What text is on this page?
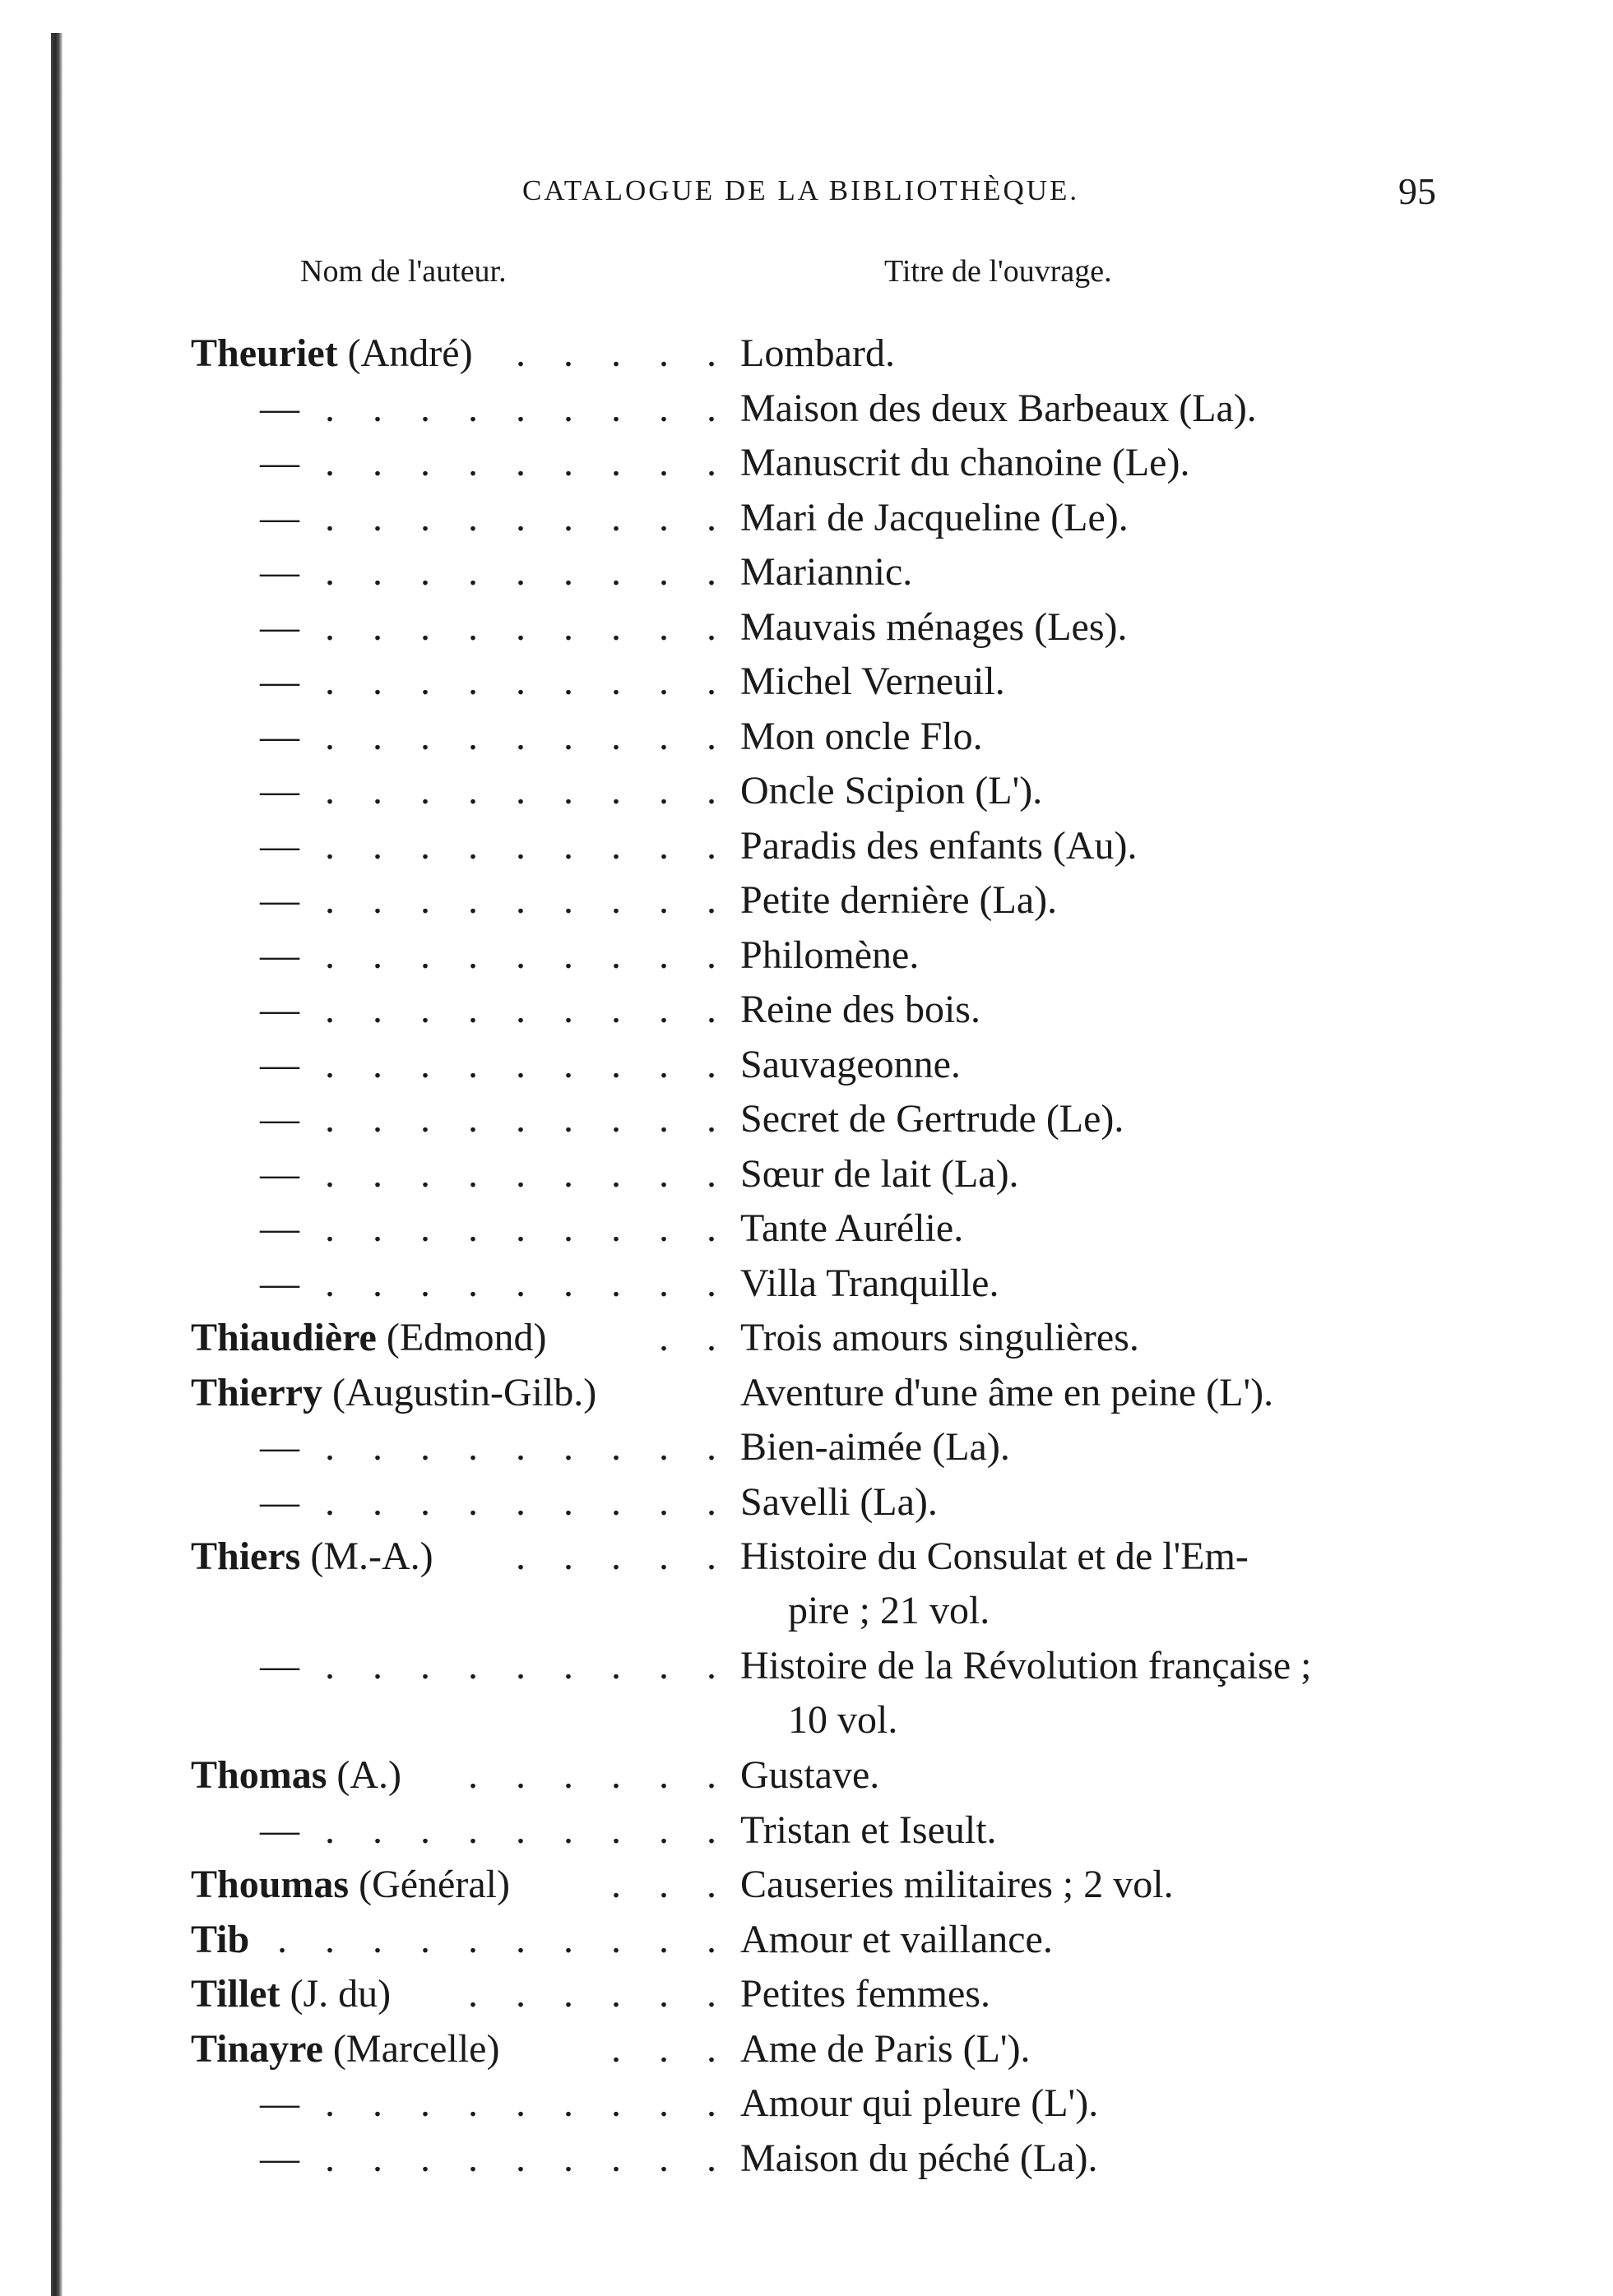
CATALOGUE DE LA BIBLIOTHÈQUE.	95
Nom de l'auteur.	Titre de l'ouvrage.
Theuriet (André) . . . . . Lombard.
— . . . . . . . . . Maison des deux Barbeaux (La).
— . . . . . . . . . Manuscrit du chanoine (Le).
— . . . . . . . . . Mari de Jacqueline (Le).
— . . . . . . . . . Mariannic.
— . . . . . . . . . Mauvais ménages (Les).
— . . . . . . . . . Michel Verneuil.
— . . . . . . . . . Mon oncle Flo.
— . . . . . . . . . Oncle Scipion (L').
— . . . . . . . . . Paradis des enfants (Au).
— . . . . . . . . . Petite dernière (La).
— . . . . . . . . . Philomène.
— . . . . . . . . . Reine des bois.
— . . . . . . . . . Sauvageonne.
— . . . . . . . . . Secret de Gertrude (Le).
— . . . . . . . . . Sœur de lait (La).
— . . . . . . . . . Tante Aurélie.
— . . . . . . . . . Villa Tranquille.
Thiaudière (Edmond)	. . Trois amours singulières.
Thierry (Augustin-Gilb.)	Aventure d'une âme en peine (L').
— . . . . . . . . . Bien-aimée (La).
— . . . . . . . . . Savelli (La).
Thiers (M.-A.) . . . . . Histoire du Consulat et de l'Em-
pire ; 21 vol.
— . . . . . . . . . Histoire de la Révolution française ;
10 vol.
Thomas (A.) . . . . . . Gustave.
— . . . . . . . . . Tristan et Iseult.
Thoumas (Général)	. . . Causeries militaires ; 2 vol.
Tib . . . . . . . . . . Amour et vaillance.
Tillet (J. du) . . . . . . Petites femmes.
Tinayre (Marcelle)	. . . Ame de Paris (L').
— . . . . . . . . . Amour qui pleure (L').
— . . . . . . . . . Maison du péché (La).
